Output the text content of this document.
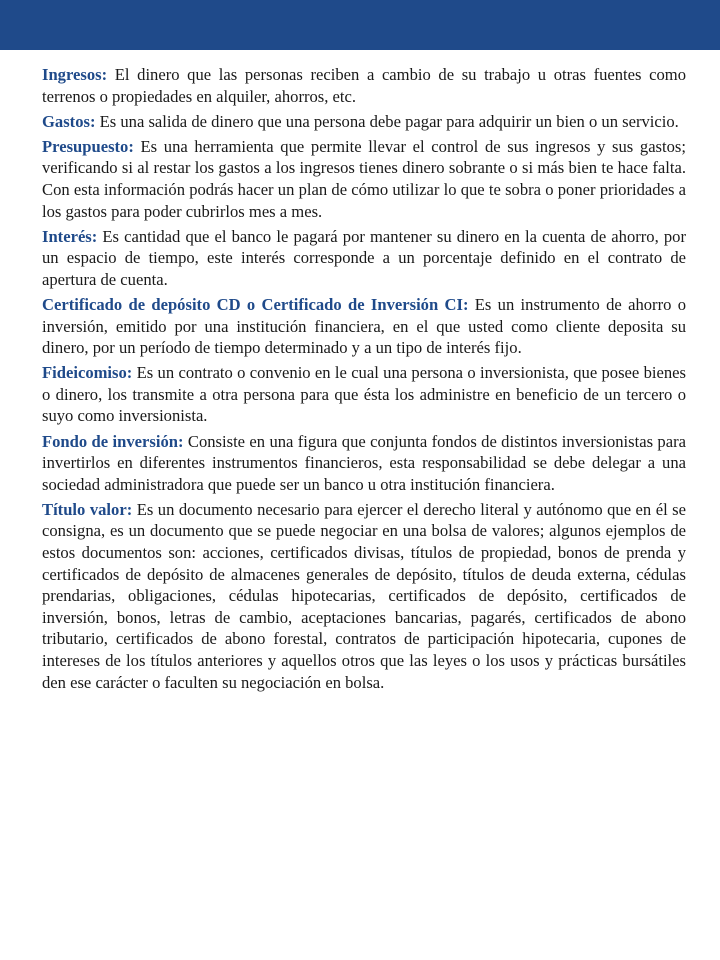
Ingresos: El dinero que las personas reciben a cambio de su trabajo u otras fuentes como terrenos o propiedades en alquiler, ahorros, etc.

Gastos: Es una salida de dinero que una persona debe pagar para adquirir un bien o un servicio.

Presupuesto: Es una herramienta que permite llevar el control de sus ingresos y sus gastos; verificando si al restar los gastos a los ingresos tienes dinero sobrante o si más bien te hace falta. Con esta información podrás hacer un plan de cómo utilizar lo que te sobra o poner prioridades a los gastos para poder cubrirlos mes a mes.

Interés: Es cantidad que el banco le pagará por mantener su dinero en la cuenta de ahorro, por un espacio de tiempo, este interés corresponde a un porcentaje definido en el contrato de apertura de cuenta.

Certificado de depósito CD o Certificado de Inversión CI: Es un instrumento de ahorro o inversión, emitido por una institución financiera, en el que usted como cliente deposita su dinero, por un período de tiempo determinado y a un tipo de interés fijo.

Fideicomiso: Es un contrato o convenio en le cual una persona o inversionista, que posee bienes o dinero, los transmite a otra persona para que ésta los administre en beneficio de un tercero o suyo como inversionista.

Fondo de inversión: Consiste en una figura que conjunta fondos de distintos inversionistas para invertirlos en diferentes instrumentos financieros, esta responsabilidad se debe delegar a una sociedad administradora que puede ser un banco u otra institución financiera.

Título valor: Es un documento necesario para ejercer el derecho literal y autónomo que en él se consigna, es un documento que se puede negociar en una bolsa de valores; algunos ejemplos de estos documentos son: acciones, certificados divisas, títulos de propiedad, bonos de prenda y certificados de depósito de almacenes generales de depósito, títulos de deuda externa, cédulas prendarias, obligaciones, cédulas hipotecarias, certificados de depósito, certificados de inversión, bonos, letras de cambio, aceptaciones bancarias, pagarés, certificados de abono tributario, certificados de abono forestal, contratos de participación hipotecaria, cupones de intereses de los títulos anteriores y aquellos otros que las leyes o los usos y prácticas bursátiles den ese carácter o faculten su negociación en bolsa.
